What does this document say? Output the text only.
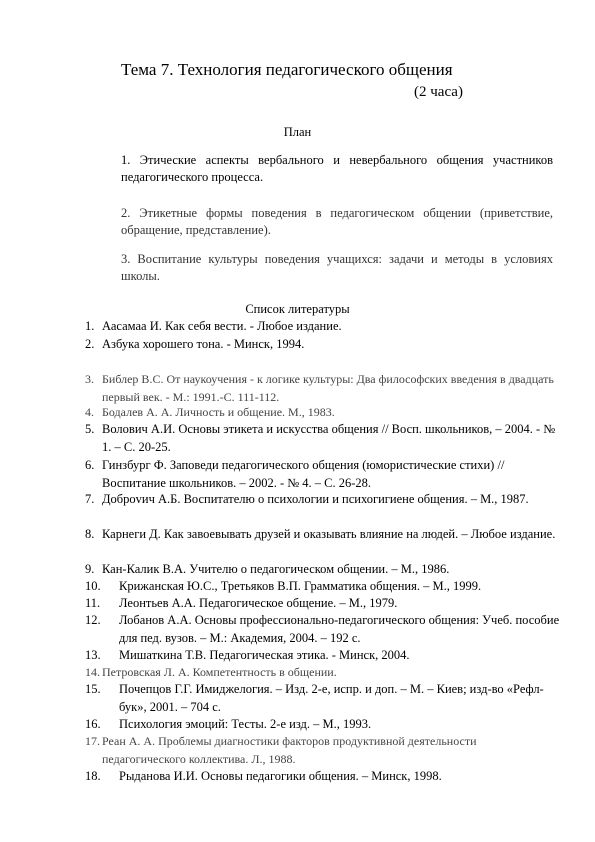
Тема 7. Технология педагогического общения
(2 часа)
План
1. Этические аспекты вербального и невербального общения участников педагогического процесса.
2. Этикетные формы поведения в педагогическом общении (приветствие, обращение, представление).
3. Воспитание культуры поведения учащихся: задачи и методы в условиях школы.
Список литературы
1. Аасамаа И. Как себя вести. - Любое издание.
2. Азбука хорошего тона. - Минск, 1994.
3. Библер В.С. От наукоучения - к логике культуры: Два философских введения в двадцать первый век. - М.: 1991.-С. 111-112.
4. Бодалев А. А. Личность и общение. М., 1983.
5. Волович А.И. Основы этикета и искусства общения // Восп. школьников, – 2004. - № 1. – С. 20-25.
6. Гинзбург Ф. Заповеди педагогического общения (юмористические стихи) // Воспитание школьников. – 2002. - № 4. – С. 26-28.
7. Доброvич А.Б. Воспитателю о психологии и психогигиене общения. – М., 1987.
8. Карнеги Д. Как завоевывать друзей и оказывать влияние на людей. – Любое издание.
9. Кан-Калик В.А. Учителю о педагогическом общении. – М., 1986.
10.	Крижанская Ю.С., Третьяков В.П. Грамматика общения. – М., 1999.
11.	Леонтьев А.А. Педагогическое общение. – М., 1979.
12.	Лобанов А.А. Основы профессионально-педагогического общения: Учеб. пособие для пед. вузов. – М.: Академия, 2004. – 192 с.
13.	Мишаткина Т.В. Педагогическая этика. - Минск, 2004.
14. Петровская Л. А. Компетентность в общении.
15.	Почепцов Г.Г. Имиджелогия. – Изд. 2-е, испр. и доп. – М. – Киев; изд-во «Рефл-бук», 2001. – 704 с.
16.	Психология эмоций: Тесты. 2-е изд. – М., 1993.
17. Реан А. А. Проблемы диагностики факторов продуктивной деятельности педагогического коллектива. Л., 1988.
18.	Рыданова И.И. Основы педагогики общения. – Минск, 1998.
